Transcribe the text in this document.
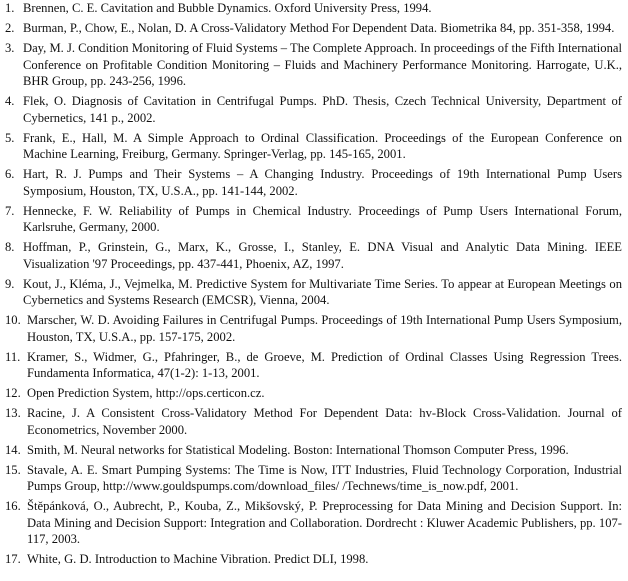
1. Brennen, C. E. Cavitation and Bubble Dynamics. Oxford University Press, 1994.
2. Burman, P., Chow, E., Nolan, D. A Cross-Validatory Method For Dependent Data. Biometrika 84, pp. 351-358, 1994.
3. Day, M. J. Condition Monitoring of Fluid Systems – The Complete Approach. In proceedings of the Fifth International Conference on Profitable Condition Monitoring – Fluids and Machinery Performance Monitoring. Harrogate, U.K., BHR Group, pp. 243-256, 1996.
4. Flek, O. Diagnosis of Cavitation in Centrifugal Pumps. PhD. Thesis, Czech Technical University, Department of Cybernetics, 141 p., 2002.
5. Frank, E., Hall, M. A Simple Approach to Ordinal Classification. Proceedings of the European Conference on Machine Learning, Freiburg, Germany. Springer-Verlag, pp. 145-165, 2001.
6. Hart, R. J. Pumps and Their Systems – A Changing Industry. Proceedings of 19th International Pump Users Symposium, Houston, TX, U.S.A., pp. 141-144, 2002.
7. Hennecke, F. W. Reliability of Pumps in Chemical Industry. Proceedings of Pump Users International Forum, Karlsruhe, Germany, 2000.
8. Hoffman, P., Grinstein, G., Marx, K., Grosse, I., Stanley, E. DNA Visual and Analytic Data Mining. IEEE Visualization '97 Proceedings, pp. 437-441, Phoenix, AZ, 1997.
9. Kout, J., Kléma, J., Vejmelka, M. Predictive System for Multivariate Time Series. To appear at European Meetings on Cybernetics and Systems Research (EMCSR), Vienna, 2004.
10. Marscher, W. D. Avoiding Failures in Centrifugal Pumps. Proceedings of 19th International Pump Users Symposium, Houston, TX, U.S.A., pp. 157-175, 2002.
11. Kramer, S., Widmer, G., Pfahringer, B., de Groeve, M. Prediction of Ordinal Classes Using Regression Trees. Fundamenta Informatica, 47(1-2): 1-13, 2001.
12. Open Prediction System, http://ops.certicon.cz.
13. Racine, J. A Consistent Cross-Validatory Method For Dependent Data: hv-Block Cross-Validation. Journal of Econometrics, November 2000.
14. Smith, M. Neural networks for Statistical Modeling. Boston: International Thomson Computer Press, 1996.
15. Stavale, A. E. Smart Pumping Systems: The Time is Now, ITT Industries, Fluid Technology Corporation, Industrial Pumps Group, http://www.gouldspumps.com/download_files/ /Technews/time_is_now.pdf, 2001.
16. Štěpánková, O., Aubrecht, P., Kouba, Z., Mikšovský, P. Preprocessing for Data Mining and Decision Support. In: Data Mining and Decision Support: Integration and Collaboration. Dordrecht : Kluwer Academic Publishers, pp. 107-117, 2003.
17. White, G. D. Introduction to Machine Vibration. Predict DLI, 1998.
